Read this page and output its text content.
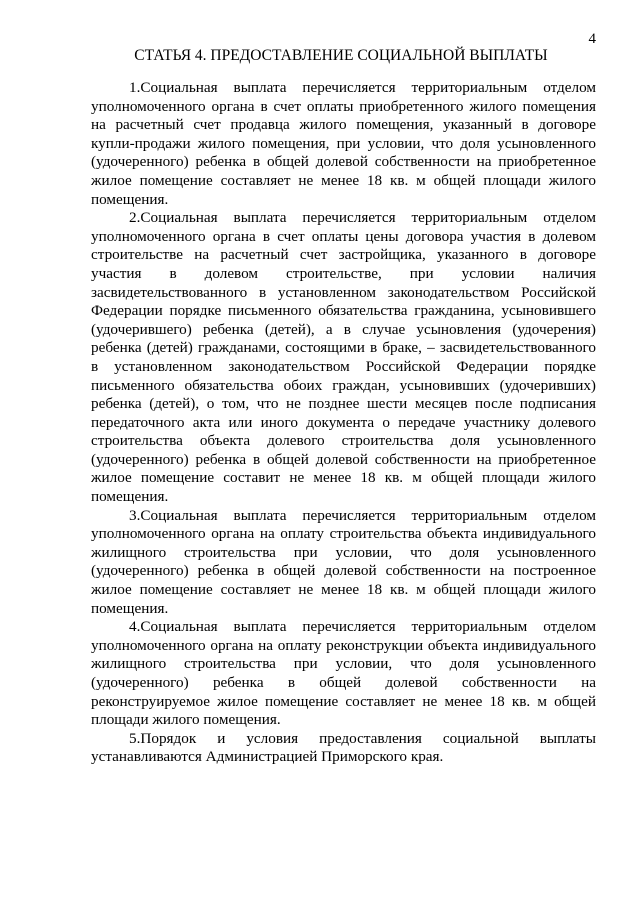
4
СТАТЬЯ 4. ПРЕДОСТАВЛЕНИЕ СОЦИАЛЬНОЙ ВЫПЛАТЫ

1.Социальная выплата перечисляется территориальным отделом уполномоченного органа в счет оплаты приобретенного жилого помещения на расчетный счет продавца жилого помещения, указанный в договоре купли-продажи жилого помещения, при условии, что доля усыновленного (удочеренного) ребенка в общей долевой собственности на приобретенное жилое помещение составляет не менее 18 кв. м общей площади жилого помещения.

2.Социальная выплата перечисляется территориальным отделом уполномоченного органа в счет оплаты цены договора участия в долевом строительстве на расчетный счет застройщика, указанного в договоре участия в долевом строительстве, при условии наличия засвидетельствованного в установленном законодательством Российской Федерации порядке письменного обязательства гражданина, усыновившего (удочерившего) ребенка (детей), а в случае усыновления (удочерения) ребенка (детей) гражданами, состоящими в браке, – засвидетельствованного в установленном законодательством Российской Федерации порядке письменного обязательства обоих граждан, усыновивших (удочеривших) ребенка (детей), о том, что не позднее шести месяцев после подписания передаточного акта или иного документа о передаче участнику долевого строительства объекта долевого строительства доля усыновленного (удочеренного) ребенка в общей долевой собственности на приобретенное жилое помещение составит не менее 18 кв. м общей площади жилого помещения.

3.Социальная выплата перечисляется территориальным отделом уполномоченного органа на оплату строительства объекта индивидуального жилищного строительства при условии, что доля усыновленного (удочеренного) ребенка в общей долевой собственности на построенное жилое помещение составляет не менее 18 кв. м общей площади жилого помещения.

4.Социальная выплата перечисляется территориальным отделом уполномоченного органа на оплату реконструкции объекта индивидуального жилищного строительства при условии, что доля усыновленного (удочеренного) ребенка в общей долевой собственности на реконструируемое жилое помещение составляет не менее 18 кв. м общей площади жилого помещения.

5.Порядок и условия предоставления социальной выплаты устанавливаются Администрацией Приморского края.
